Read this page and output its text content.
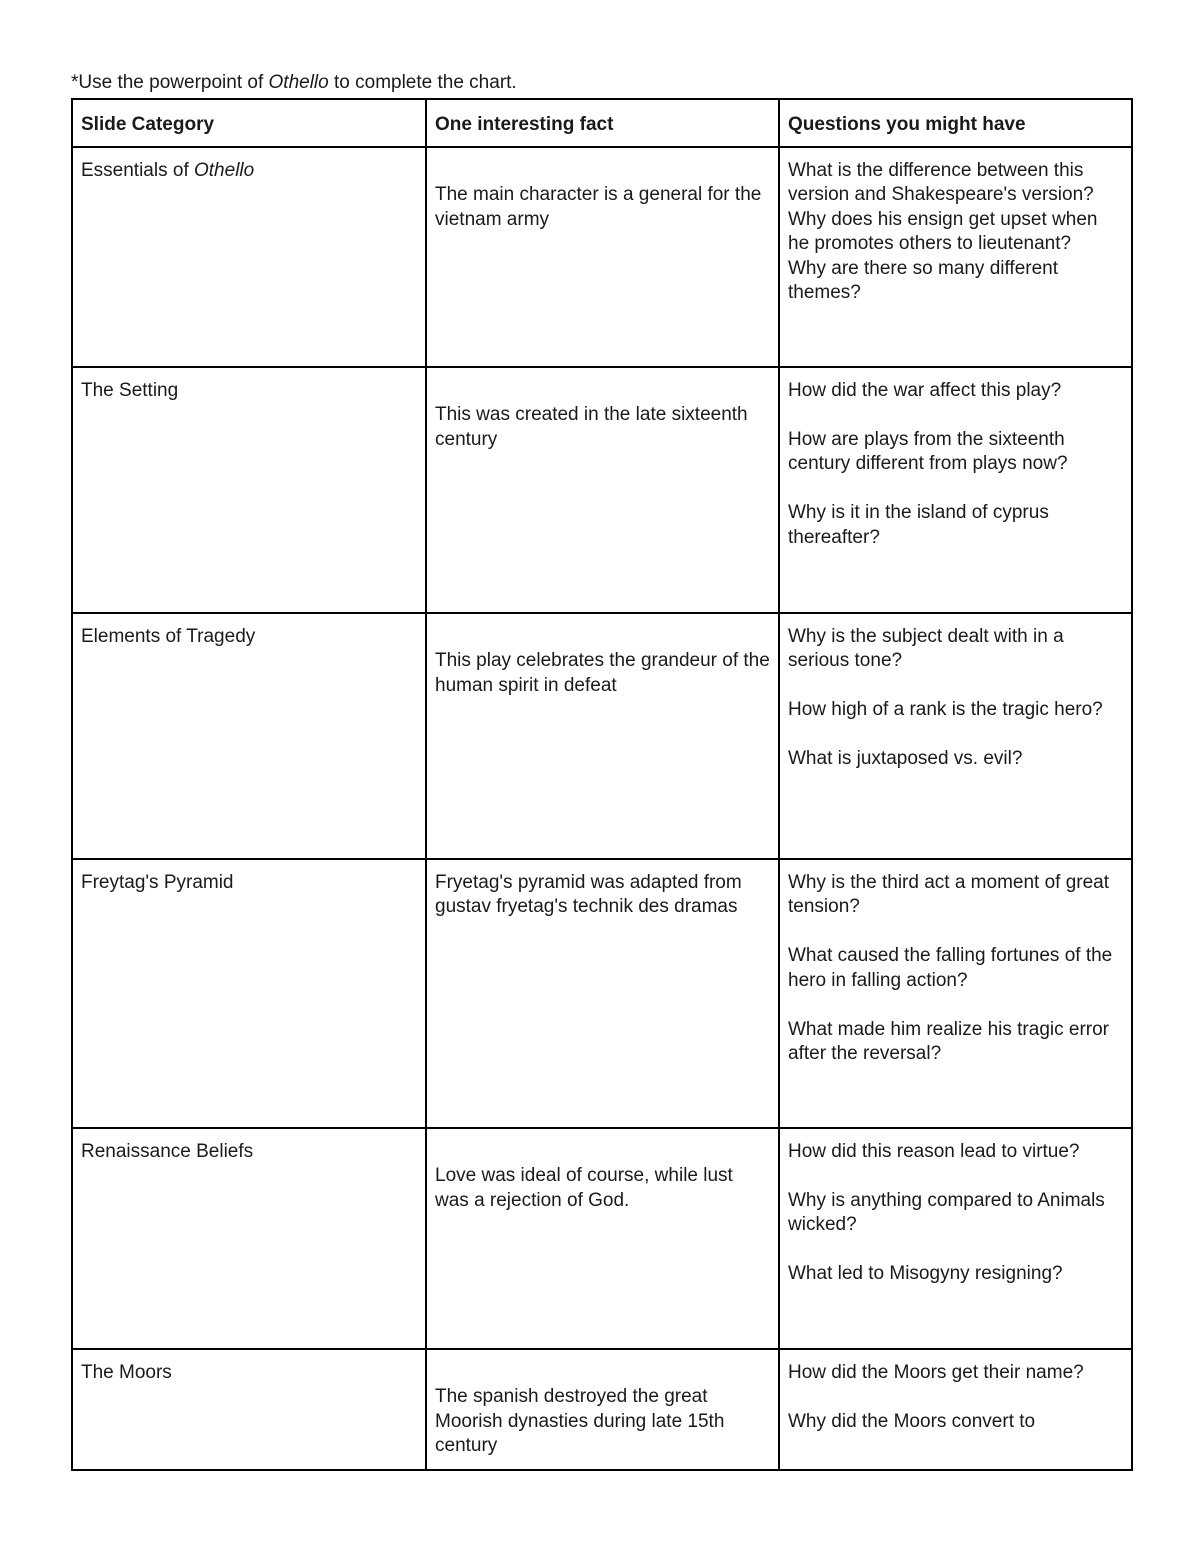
*Use the powerpoint of Othello to complete the chart.

Slide Category	One interesting fact	Questions you might have
Essentials of Othello	The main character is a general for the vietnam army	What is the difference between this version and Shakespeare's version?
Why does his ensign get upset when he promotes others to lieutenant?
Why are there so many different themes?

The Setting	This was created in the late sixteenth century	How did the war affect this play?
How are plays from the sixteenth century different from plays now?
Why is it in the island of cyprus thereafter?

Elements of Tragedy	This play celebrates the grandeur of the human spirit in defeat	Why is the subject dealt with in a serious tone?
How high of a rank is the tragic hero?
What is juxtaposed vs. evil?

Freytag's Pyramid	Fryetag's pyramid was adapted from gustav fryetag's technik des dramas	Why is the third act a moment of great tension?
What caused the falling fortunes of the hero in falling action?
What made him realize his tragic error after the reversal?

Renaissance Beliefs	Love was ideal of course, while lust was a rejection of God.	How did this reason lead to virtue?
Why is anything compared to Animals wicked?
What led to Misogyny resigning?

The Moors	The spanish destroyed the great Moorish dynasties during late 15th century	How did the Moors get their name?
Why did the Moors convert to
